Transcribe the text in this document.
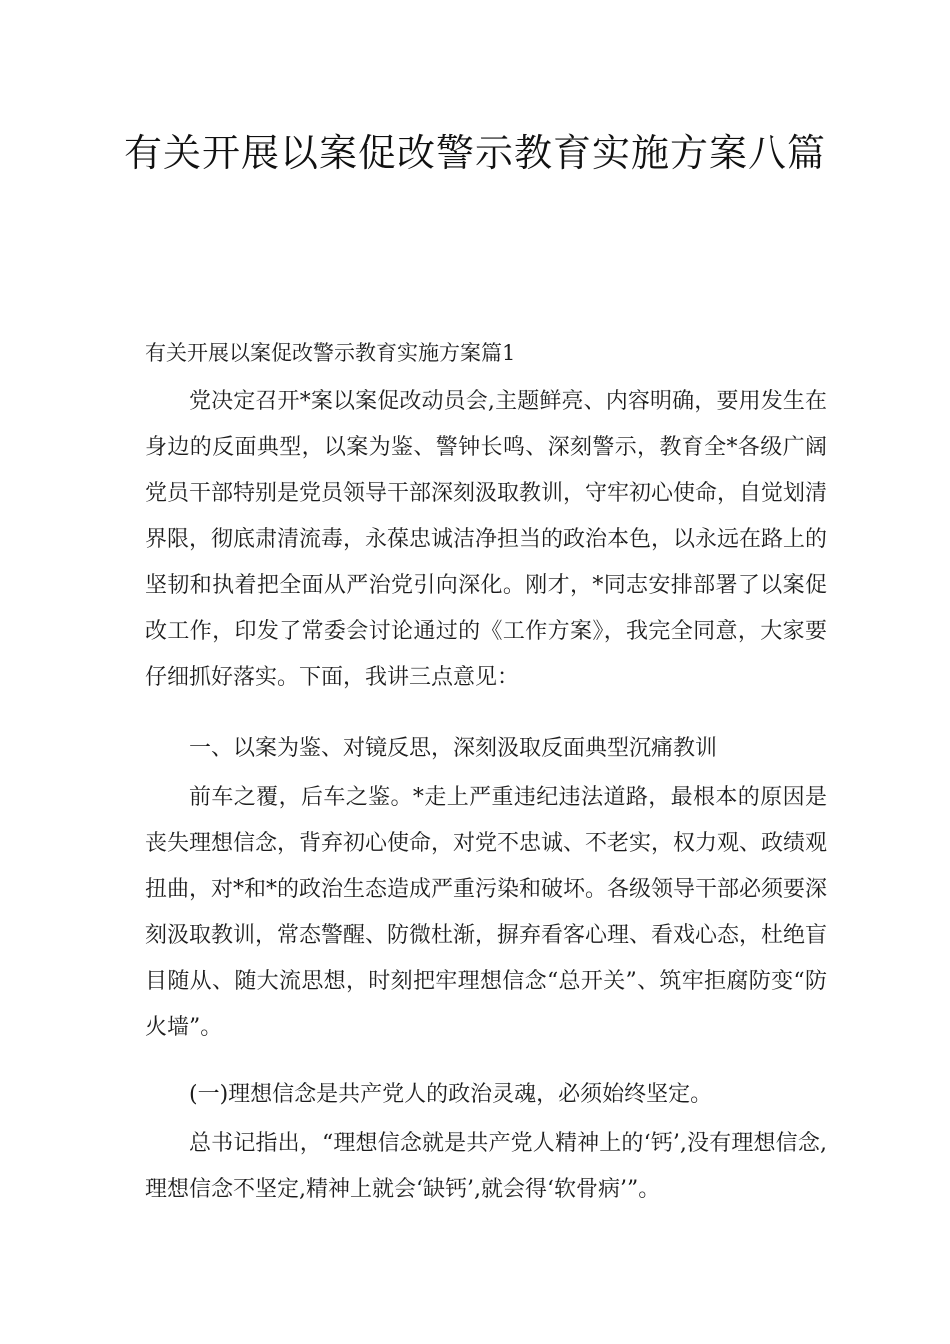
有关开展以案促改警示教育实施方案八篇

有关开展以案促改警示教育实施方案篇1

党决定召开*案以案促改动员会,主题鲜亮、内容明确，要用发生在身边的反面典型，以案为鉴、警钟长鸣、深刻警示，教育全*各级广阔党员干部特别是党员领导干部深刻汲取教训，守牢初心使命，自觉划清界限，彻底肃清流毒，永葆忠诚洁净担当的政治本色，以永远在路上的坚韧和执着把全面从严治党引向深化。刚才，*同志安排部署了以案促改工作，印发了常委会讨论通过的《工作方案》，我完全同意，大家要仔细抓好落实。下面，我讲三点意见：

一、以案为鉴、对镜反思，深刻汲取反面典型沉痛教训

前车之覆，后车之鉴。*走上严重违纪违法道路，最根本的原因是丧失理想信念，背弃初心使命，对党不忠诚、不老实，权力观、政绩观扭曲，对*和*的政治生态造成严重污染和破坏。各级领导干部必须要深刻汲取教训，常态警醒、防微杜渐，摒弃看客心理、看戏心态，杜绝盲目随从、随大流思想，时刻把牢理想信念“总开关”、筑牢拒腐防变“防火墙”。

(一)理想信念是共产党人的政治灵魂，必须始终坚定。

总书记指出，“理想信念就是共产党人精神上的‘钙’,没有理想信念,理想信念不坚定,精神上就会‘缺钙’,就会得‘软骨病’”。
